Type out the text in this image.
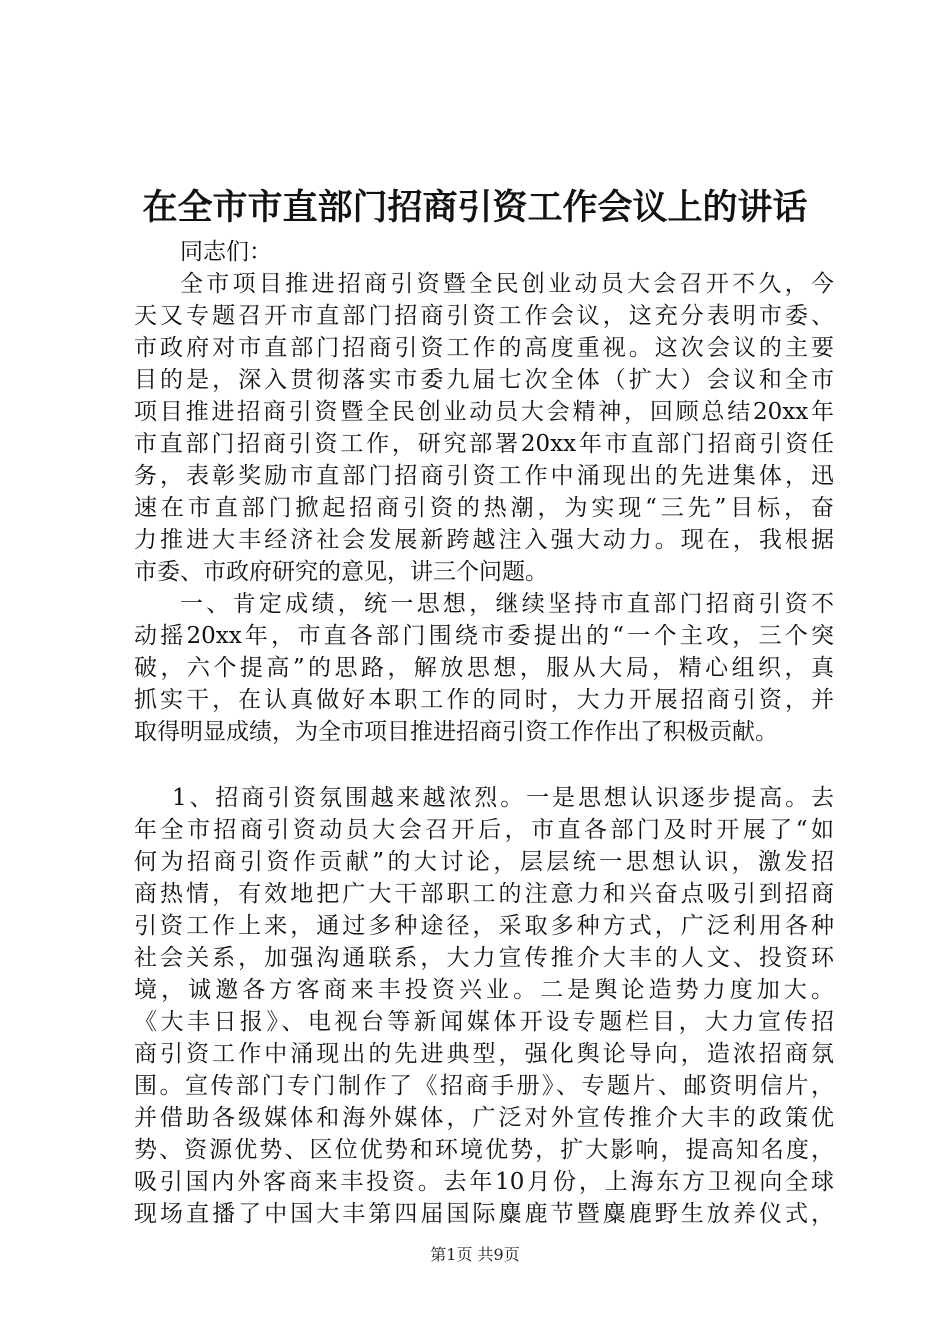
在全市市直部门招商引资工作会议上的讲话
同志们：
全市项目推进招商引资暨全民创业动员大会召开不久，今
天又专题召开市直部门招商引资工作会议，这充分表明市委、
市政府对市直部门招商引资工作的高度重视。这次会议的主要
目的是，深入贯彻落实市委九届七次全体（扩大）会议和全市
项目推进招商引资暨全民创业动员大会精神，回顾总结20xx年
市直部门招商引资工作，研究部署20xx年市直部门招商引资任
务，表彰奖励市直部门招商引资工作中涌现出的先进集体，迅
速在市直部门掀起招商引资的热潮，为实现“三先”目标，奋
力推进大丰经济社会发展新跨越注入强大动力。现在，我根据
市委、市政府研究的意见，讲三个问题。
一、肯定成绩，统一思想，继续坚持市直部门招商引资不
动摇20xx年，市直各部门围绕市委提出的“一个主攻，三个突
破，六个提高”的思路，解放思想，服从大局，精心组织，真
抓实干，在认真做好本职工作的同时，大力开展招商引资，并
取得明显成绩，为全市项目推进招商引资工作作出了积极贡献。
1、招商引资氛围越来越浓烈。一是思想认识逐步提高。去
年全市招商引资动员大会召开后，市直各部门及时开展了“如
何为招商引资作贡献”的大讨论，层层统一思想认识，激发招
商热情，有效地把广大干部职工的注意力和兴奋点吸引到招商
引资工作上来，通过多种途径，采取多种方式，广泛利用各种
社会关系，加强沟通联系，大力宣传推介大丰的人文、投资环
境，诚邀各方客商来丰投资兴业。二是舆论造势力度加大。
《大丰日报》、电视台等新闻媒体开设专题栏目，大力宣传招
商引资工作中涌现出的先进典型，强化舆论导向，造浓招商氛
围。宣传部门专门制作了《招商手册》、专题片、邮资明信片，
并借助各级媒体和海外媒体，广泛对外宣传推介大丰的政策优
势、资源优势、区位优势和环境优势，扩大影响，提高知名度，
吸引国内外客商来丰投资。去年10月份，上海东方卫视向全球
现场直播了中国大丰第四届国际麋鹿节暨麋鹿野生放养仪式，
第1页 共9页
